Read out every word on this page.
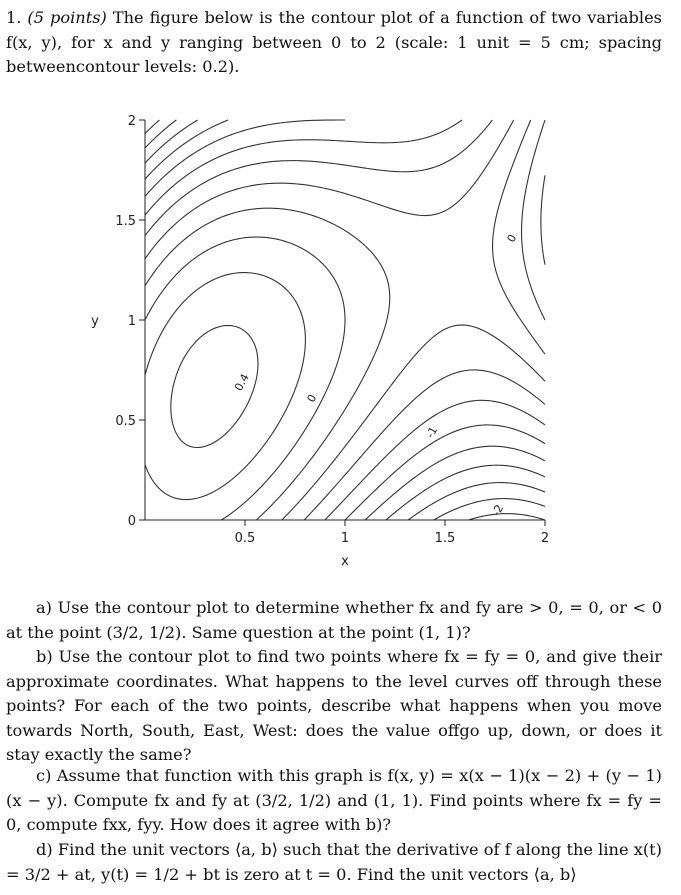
1. (5 points) The figure below is the contour plot of a function of two variables f(x, y), for x and y ranging between 0 to 2 (scale: 1 unit = 5 cm; spacing betweencontour levels: 0.2).

0.5	1	1.5	2
0
0.5
1
1.5
2
x
y
0.4
0
-1
-2
0

a) Use the contour plot to determine whether fx and fy are > 0, = 0, or < 0 at the point (3/2, 1/2). Same question at the point (1, 1)?

b) Use the contour plot to find two points where fx = fy = 0, and give their approximate coordinates. What happens to the level curves off through these points? For each of the two points, describe what happens when you move towards North, South, East, West: does the value offgo up, down, or does it stay exactly the same?

c) Assume that function with this graph is f(x, y) = x(x − 1)(x − 2) + (y − 1)(x − y). Compute fx and fy at (3/2, 1/2) and (1, 1). Find points where fx = fy = 0, compute fxx, fyy. How does it agree with b)?

d) Find the unit vectors ⟨a, b⟩ such that the derivative of f along the line x(t) = 3/2 + at, y(t) = 1/2 + bt is zero at t = 0. Find the unit vectors ⟨a, b⟩
